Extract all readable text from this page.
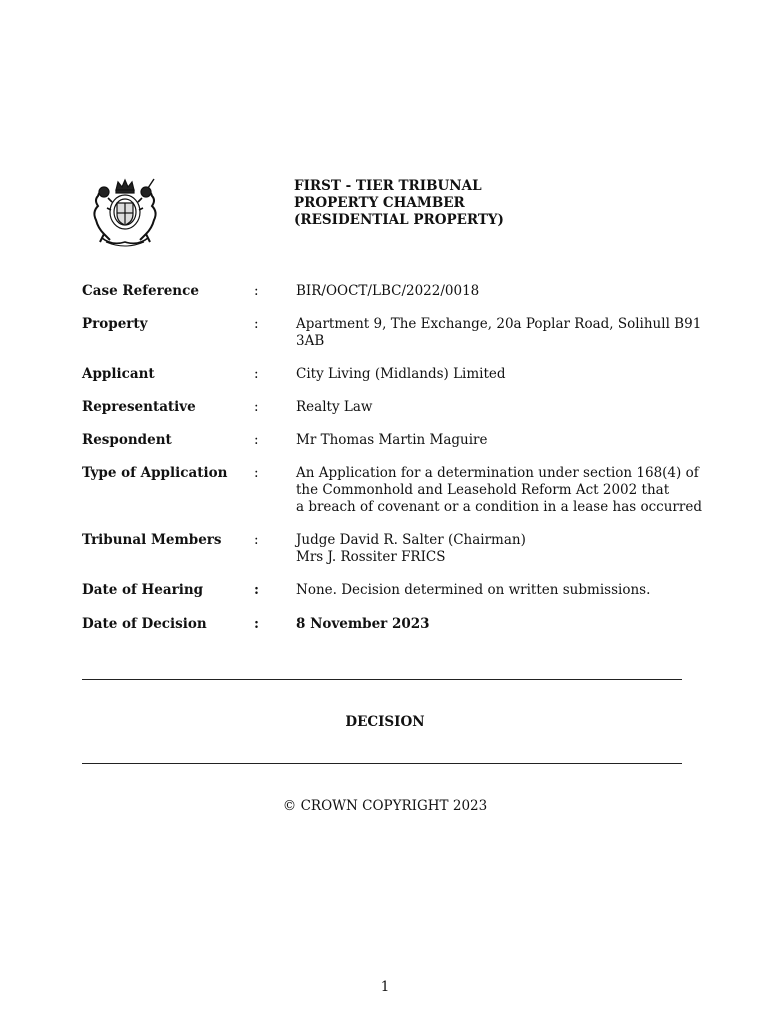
FIRST - TIER TRIBUNAL
PROPERTY CHAMBER
(RESIDENTIAL PROPERTY)
Case Reference	:	BIR/OOCT/LBC/2022/0018
Property	:	Apartment 9, The Exchange, 20a Poplar Road, Solihull B91
3AB
Applicant	:	City Living (Midlands) Limited
Representative	:	Realty Law
Respondent	:	Mr Thomas Martin Maguire
Type of Application :	An Application for a determination under section 168(4) of
the Commonhold and Leasehold Reform Act 2002 that
a breach of covenant or a condition in a lease has occurred
Tribunal Members :	Judge David R. Salter (Chairman)
Mrs J. Rossiter FRICS
Date of Hearing	:	None. Decision determined on written submissions.
Date of Decision	:	8 November 2023
DECISION
© CROWN COPYRIGHT 2023
1
